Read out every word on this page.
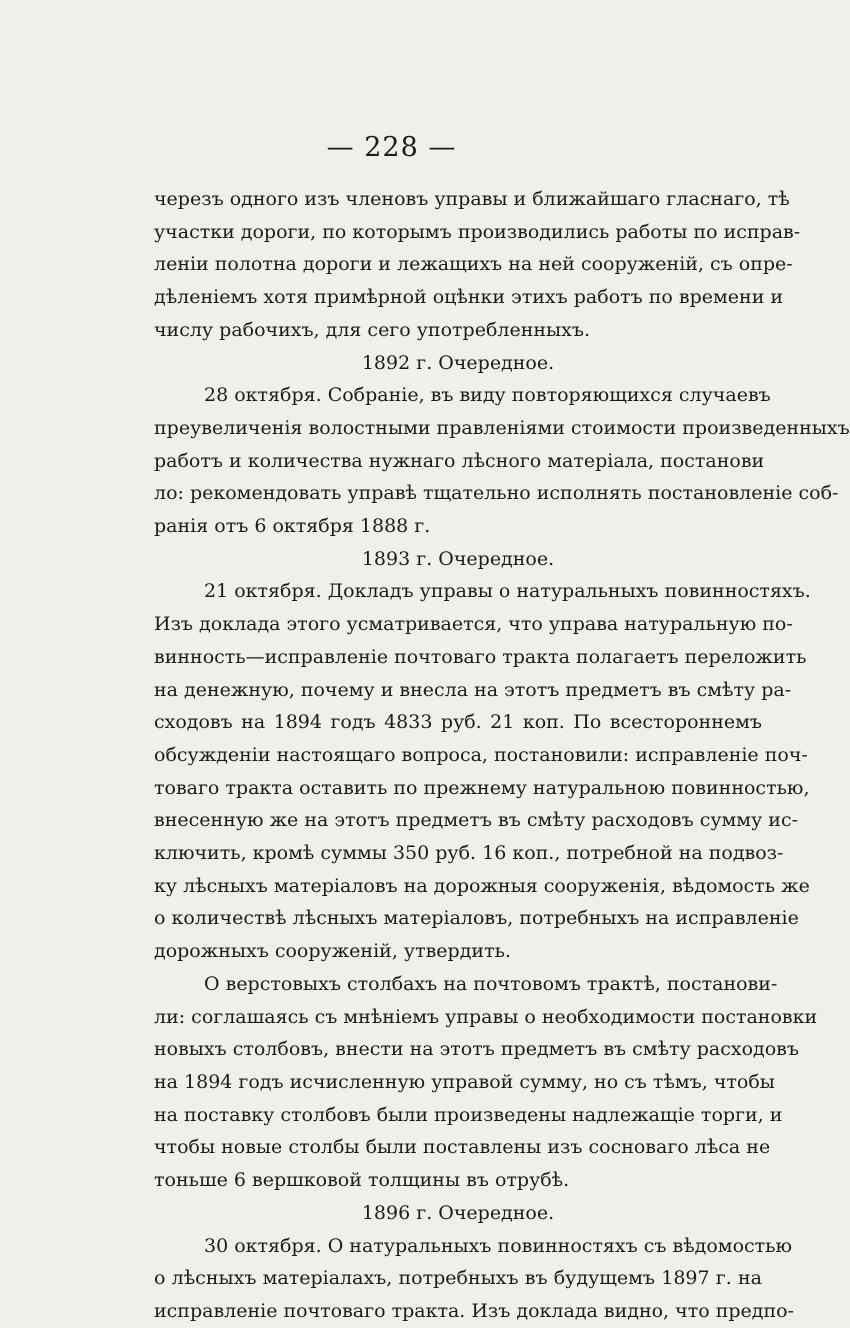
— 228 —
черезъ одного изъ членовъ управы и ближайшаго гласнаго, тѣ
участки дороги, по которымъ производились работы по исправ-
леніи полотна дороги и лежащихъ на ней сооруженій, съ опре-
дѣленіемъ хотя примѣрной оцѣнки этихъ работъ по времени и
числу рабочихъ, для сего употребленныхъ.
1892 г. Очередное.
28 октября. Собраніе, въ виду повторяющихся случаевъ
преувеличенія волостными правленіями стоимости произведенныхъ
работъ и количества нужнаго лѣсного матеріала, постанови
ло: рекомендовать управѣ тщательно исполнять постановленіе соб-
ранія отъ 6 октября 1888 г.
1893 г. Очередное.
21 октября. Докладъ управы о натуральныхъ повинностяхъ.
Изъ доклада этого усматривается, что управа натуральную по-
винность—исправленіе почтоваго тракта полагаетъ переложить
на денежную, почему и внесла на этотъ предметъ въ смѣту ра-
сходовъ на 1894 годъ 4833 руб. 21 коп. По всестороннемъ
обсужденіи настоящаго вопроса, постановили: исправленіе поч-
товаго тракта оставить по прежнему натуральною повинностью,
внесенную же на этотъ предметъ въ смѣту расходовъ сумму ис-
ключить, кромѣ суммы 350 руб. 16 коп., потребной на подвоз-
ку лѣсныхъ матеріаловъ на дорожныя сооруженія, вѣдомость же
о количествѣ лѣсныхъ матеріаловъ, потребныхъ на исправленіе
дорожныхъ сооруженій, утвердить.
О верстовыхъ столбахъ на почтовомъ трактѣ, постанови-
ли: соглашаясь съ мнѣніемъ управы о необходимости постановки
новыхъ столбовъ, внести на этотъ предметъ въ смѣту расходовъ
на 1894 годъ исчисленную управой сумму, но съ тѣмъ, чтобы
на поставку столбовъ были произведены надлежащіе торги, и
чтобы новые столбы были поставлены изъ сосноваго лѣса не
тоньше 6 вершковой толщины въ отрубѣ.
1896 г. Очередное.
30 октября. О натуральныхъ повинностяхъ съ вѣдомостью
о лѣсныхъ матеріалахъ, потребныхъ въ будущемъ 1897 г. на
исправленіе почтоваго тракта. Изъ доклада видно, что предпо-
